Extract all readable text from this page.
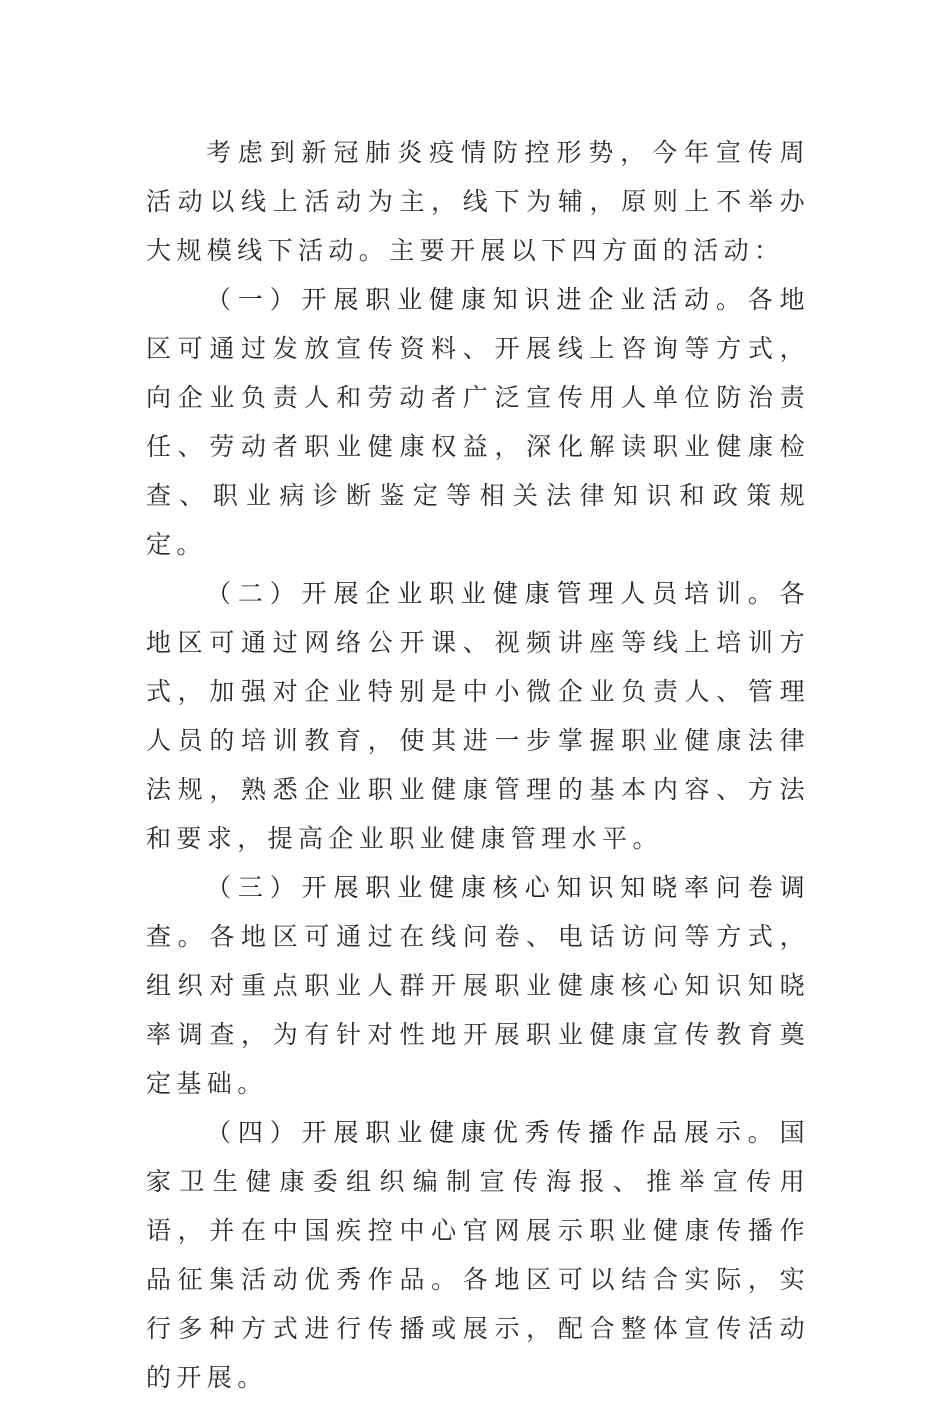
考虑到新冠肺炎疫情防控形势，今年宣传周活动以线上活动为主，线下为辅，原则上不举办大规模线下活动。主要开展以下四方面的活动：

（一）开展职业健康知识进企业活动。各地区可通过发放宣传资料、开展线上咨询等方式，向企业负责人和劳动者广泛宣传用人单位防治责任、劳动者职业健康权益，深化解读职业健康检查、职业病诊断鉴定等相关法律知识和政策规定。

（二）开展企业职业健康管理人员培训。各地区可通过网络公开课、视频讲座等线上培训方式，加强对企业特别是中小微企业负责人、管理人员的培训教育，使其进一步掌握职业健康法律法规，熟悉企业职业健康管理的基本内容、方法和要求，提高企业职业健康管理水平。

（三）开展职业健康核心知识知晓率问卷调查。各地区可通过在线问卷、电话访问等方式，组织对重点职业人群开展职业健康核心知识知晓率调查，为有针对性地开展职业健康宣传教育奠定基础。

（四）开展职业健康优秀传播作品展示。国家卫生健康委组织编制宣传海报、推举宣传用语，并在中国疾控中心官网展示职业健康传播作品征集活动优秀作品。各地区可以结合实际，实行多种方式进行传播或展示，配合整体宣传活动的开展。
